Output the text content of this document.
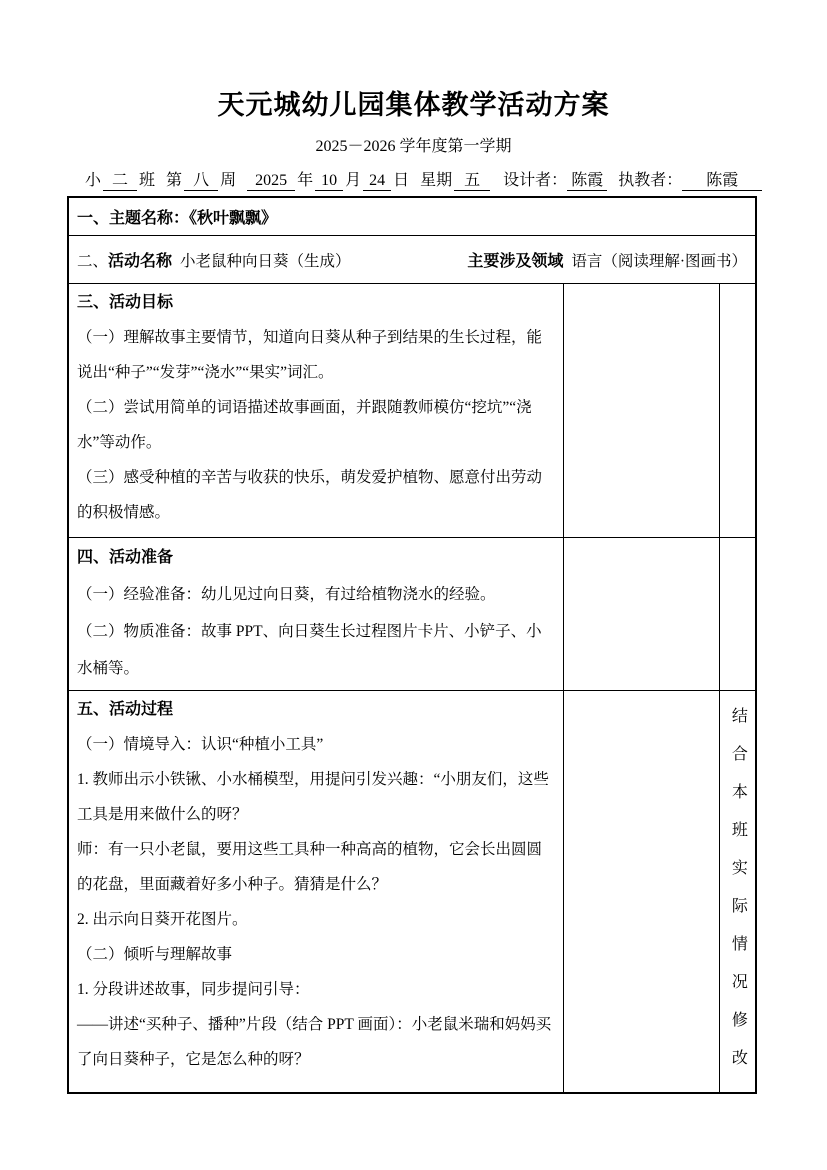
天元城幼儿园集体教学活动方案
2025－2026 学年度第一学期
小 二 班 第 八 周 2025 年 10 月 24 日 星期 五 设计者： 陈霞 执教者： 陈霞
一、主题名称：《秋叶飘飘》		

二、活动名称 小老鼠种向日葵（生成） 主要涉及领域 语言（阅读理解·图画书）		

三、活动目标

（一）理解故事主要情节，知道向日葵从种子到结果的生长过程，能说出“种子”“发芽”“浇水”“果实”词汇。

（二）尝试用简单的词语描述故事画面，并跟随教师模仿“挖坑”“浇水”等动作。

（三）感受种植的辛苦与收获的快乐，萌发爱护植物、愿意付出劳动的积极情感。		

四、活动准备

（一）经验准备：幼儿见过向日葵，有过给植物浇水的经验。

（二）物质准备：故事 PPT、向日葵生长过程图片卡片、小铲子、小水桶等。		

五、活动过程

（一）情境导入：认识“种植小工具”

1. 教师出示小铁锹、小水桶模型，用提问引发兴趣：“小朋友们，这些工具是用来做什么的呀？

师：有一只小老鼠，要用这些工具种一种高高的植物，它会长出圆圆的花盘，里面藏着好多小种子。猜猜是什么？

2. 出示向日葵开花图片。

（二）倾听与理解故事

1. 分段讲述故事，同步提问引导：

——讲述“买种子、播种”片段（结合 PPT 画面）：小老鼠米瑞和妈妈买了向日葵种子，它是怎么种的呀？		结合本班实际情况修改
